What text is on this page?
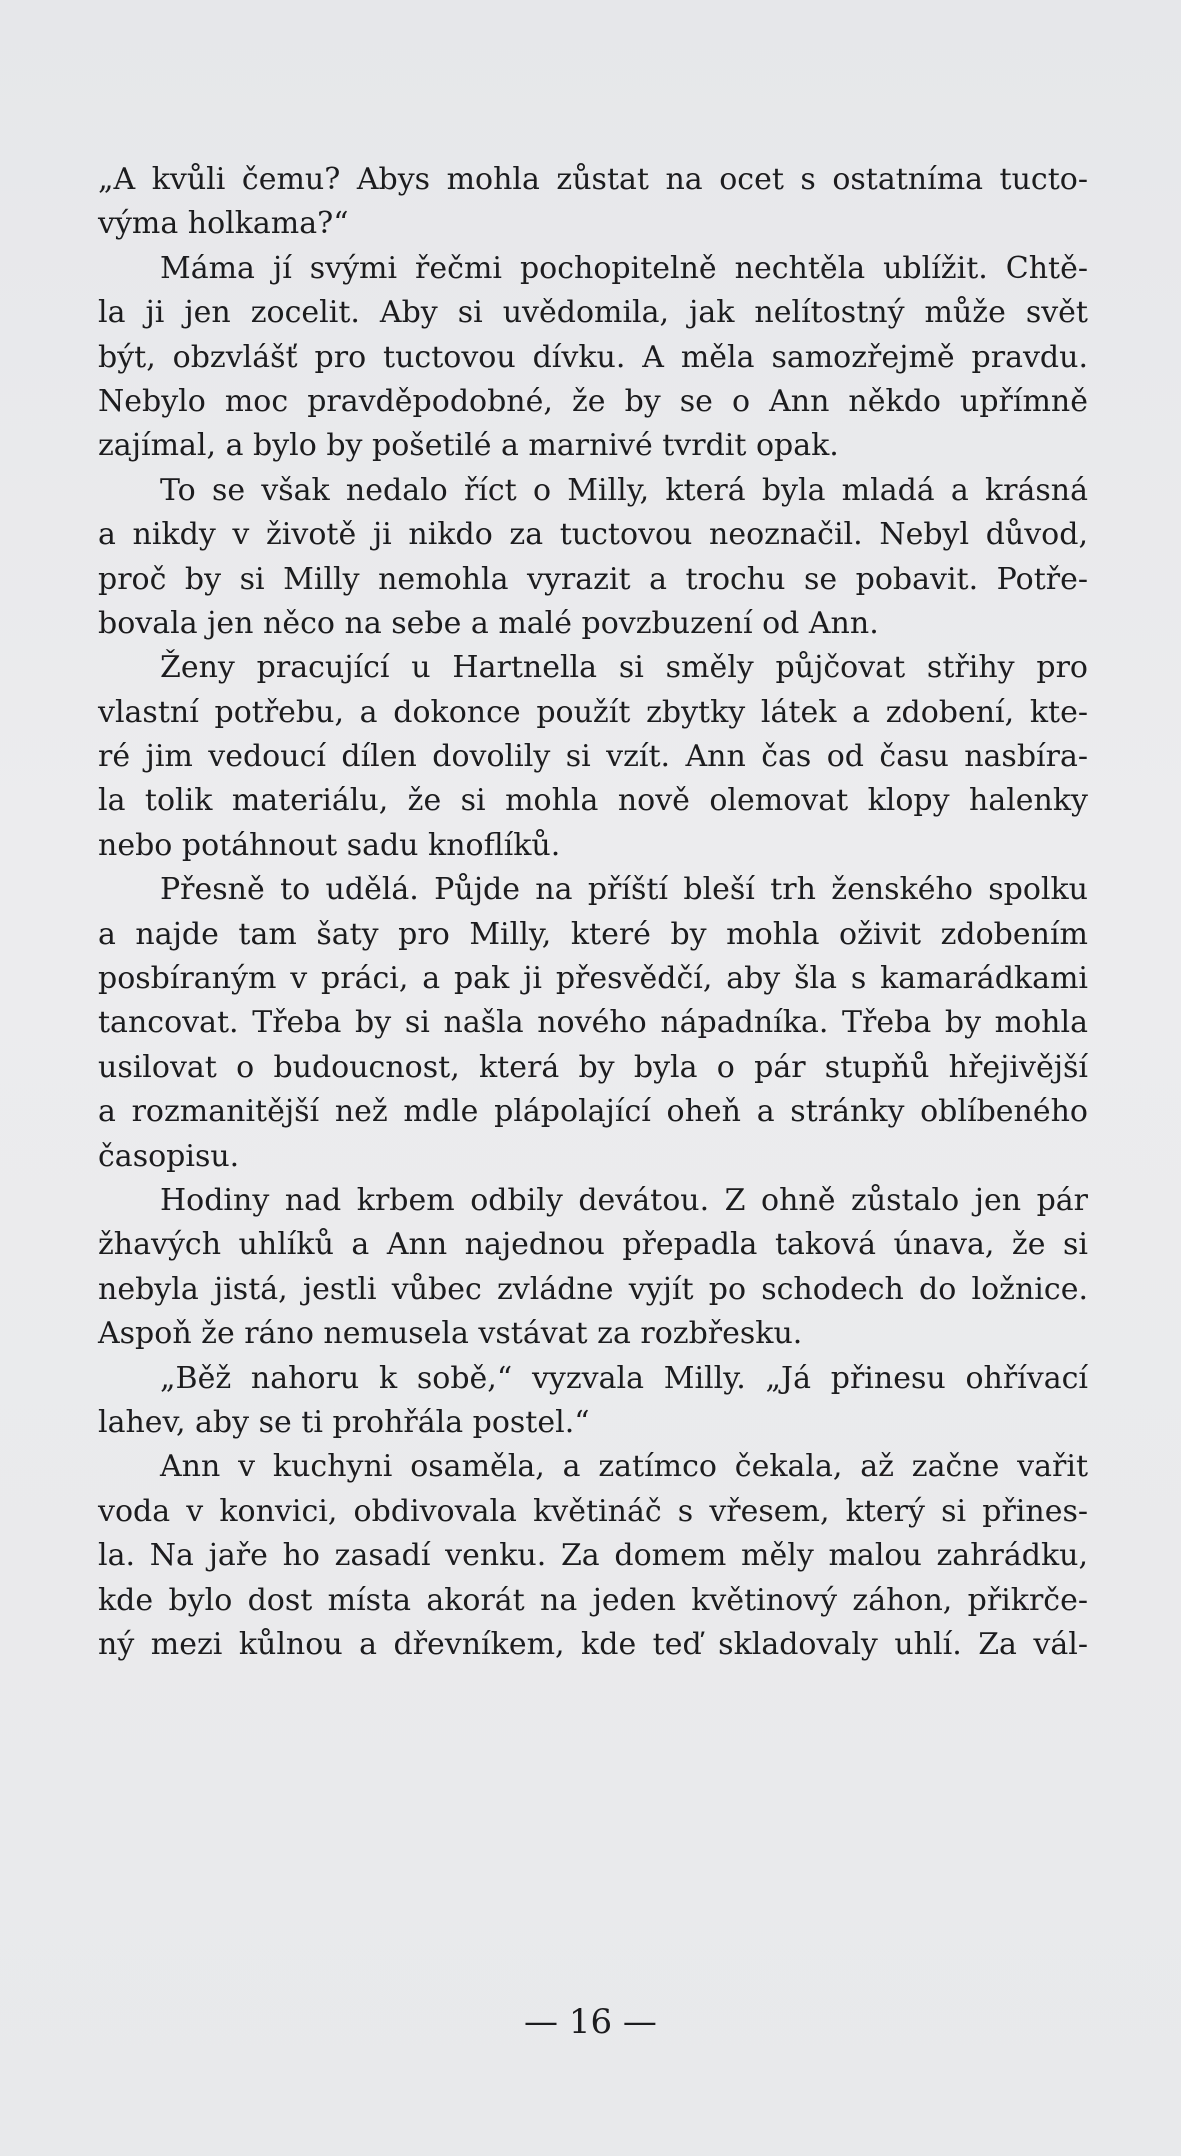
„A kvůli čemu? Abys mohla zůstat na ocet s ostatníma tucto-
výma holkama?“
Máma jí svými řečmi pochopitelně nechtěla ublížit. Chtě-
la ji jen zocelit. Aby si uvědomila, jak nelítostný může svět
být, obzvlášť pro tuctovou dívku. A měla samozřejmě pravdu.
Nebylo moc pravděpodobné, že by se o Ann někdo upřímně
zajímal, a bylo by pošetilé a marnivé tvrdit opak.
To se však nedalo říct o Milly, která byla mladá a krásná
a nikdy v životě ji nikdo za tuctovou neoznačil. Nebyl důvod,
proč by si Milly nemohla vyrazit a trochu se pobavit. Potře-
bovala jen něco na sebe a malé povzbuzení od Ann.
Ženy pracující u Hartnella si směly půjčovat střihy pro
vlastní potřebu, a dokonce použít zbytky látek a zdobení, kte-
ré jim vedoucí dílen dovolily si vzít. Ann čas od času nasbíra-
la tolik materiálu, že si mohla nově olemovat klopy halenky
nebo potáhnout sadu knoflíků.
Přesně to udělá. Půjde na příští bleší trh ženského spolku
a najde tam šaty pro Milly, které by mohla oživit zdobením
posbíraným v práci, a pak ji přesvědčí, aby šla s kamarádkami
tancovat. Třeba by si našla nového nápadníka. Třeba by mohla
usilovat o budoucnost, která by byla o pár stupňů hřejivější
a rozmanitější než mdle plápolající oheň a stránky oblíbeného
časopisu.
Hodiny nad krbem odbily devátou. Z ohně zůstalo jen pár
žhavých uhlíků a Ann najednou přepadla taková únava, že si
nebyla jistá, jestli vůbec zvládne vyjít po schodech do ložnice.
Aspoň že ráno nemusela vstávat za rozbřesku.
„Běž nahoru k sobě,“ vyzvala Milly. „Já přinesu ohřívací
lahev, aby se ti prohřála postel.“
Ann v kuchyni osaměla, a zatímco čekala, až začne vařit
voda v konvici, obdivovala květináč s vřesem, který si přines-
la. Na jaře ho zasadí venku. Za domem měly malou zahrádku,
kde bylo dost místa akorát na jeden květinový záhon, přikrče-
ný mezi kůlnou a dřevníkem, kde teď skladovaly uhlí. Za vál-
— 16 —
